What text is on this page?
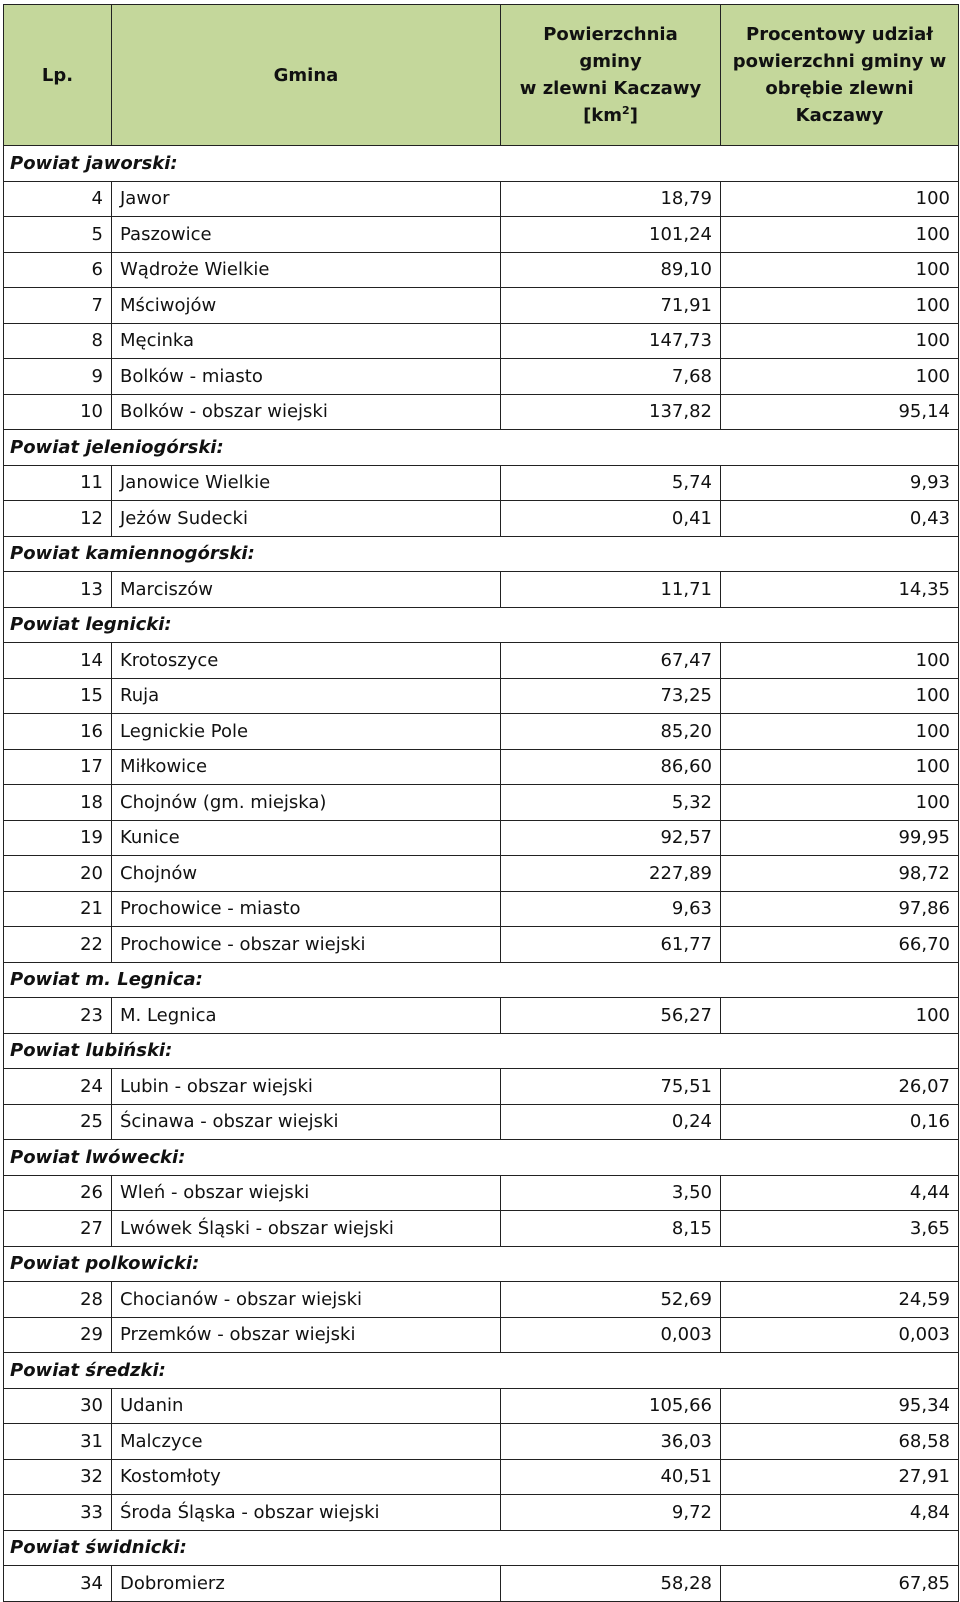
Lp.	Gmina	Powierzchnia gminy
w zlewni Kaczawy
$[km^2]$	Procentowy udział powierzchni gminy w obrębie zlewni Kaczawy
Powiat jaworski:			
4	Jawor	18,79	100
5	Paszowice	101,24	100
6	Wądroże Wielkie	89,10	100
7	Mściwojów	71,91	100
8	Męcinka	147,73	100
9	Bolków - miasto	7,68	100
10	Bolków - obszar wiejski	137,82	95,14
Powiat jeleniogórski:			
11	Janowice Wielkie	5,74	9,93
12	Jeżów Sudecki	0,41	0,43
Powiat kamiennogórski:			
13	Marciszów	11,71	14,35
Powiat legnicki:			
14	Krotoszyce	67,47	100
15	Ruja	73,25	100
16	Legnickie Pole	85,20	100
17	Miłkowice	86,60	100
18	Chojnów (gm. miejska)	5,32	100
19	Kunice	92,57	99,95
20	Chojnów	227,89	98,72
21	Prochowice - miasto	9,63	97,86
22	Prochowice - obszar wiejski	61,77	66,70
Powiat m. Legnica:			
23	M. Legnica	56,27	100
Powiat lubiński:			
24	Lubin - obszar wiejski	75,51	26,07
25	Ścinawa - obszar wiejski	0,24	0,16
Powiat lwówecki:			
26	Wleń - obszar wiejski	3,50	4,44
27	Lwówek Śląski - obszar wiejski	8,15	3,65
Powiat polkowicki:			
28	Chocianów - obszar wiejski	52,69	24,59
29	Przemków - obszar wiejski	0,003	0,003
Powiat średzki:			
30	Udanin	105,66	95,34
31	Malczyce	36,03	68,58
32	Kostomłoty	40,51	27,91
33	Środa Śląska - obszar wiejski	9,72	4,84
Powiat świdnicki:			
34	Dobromierz	58,28	67,85
